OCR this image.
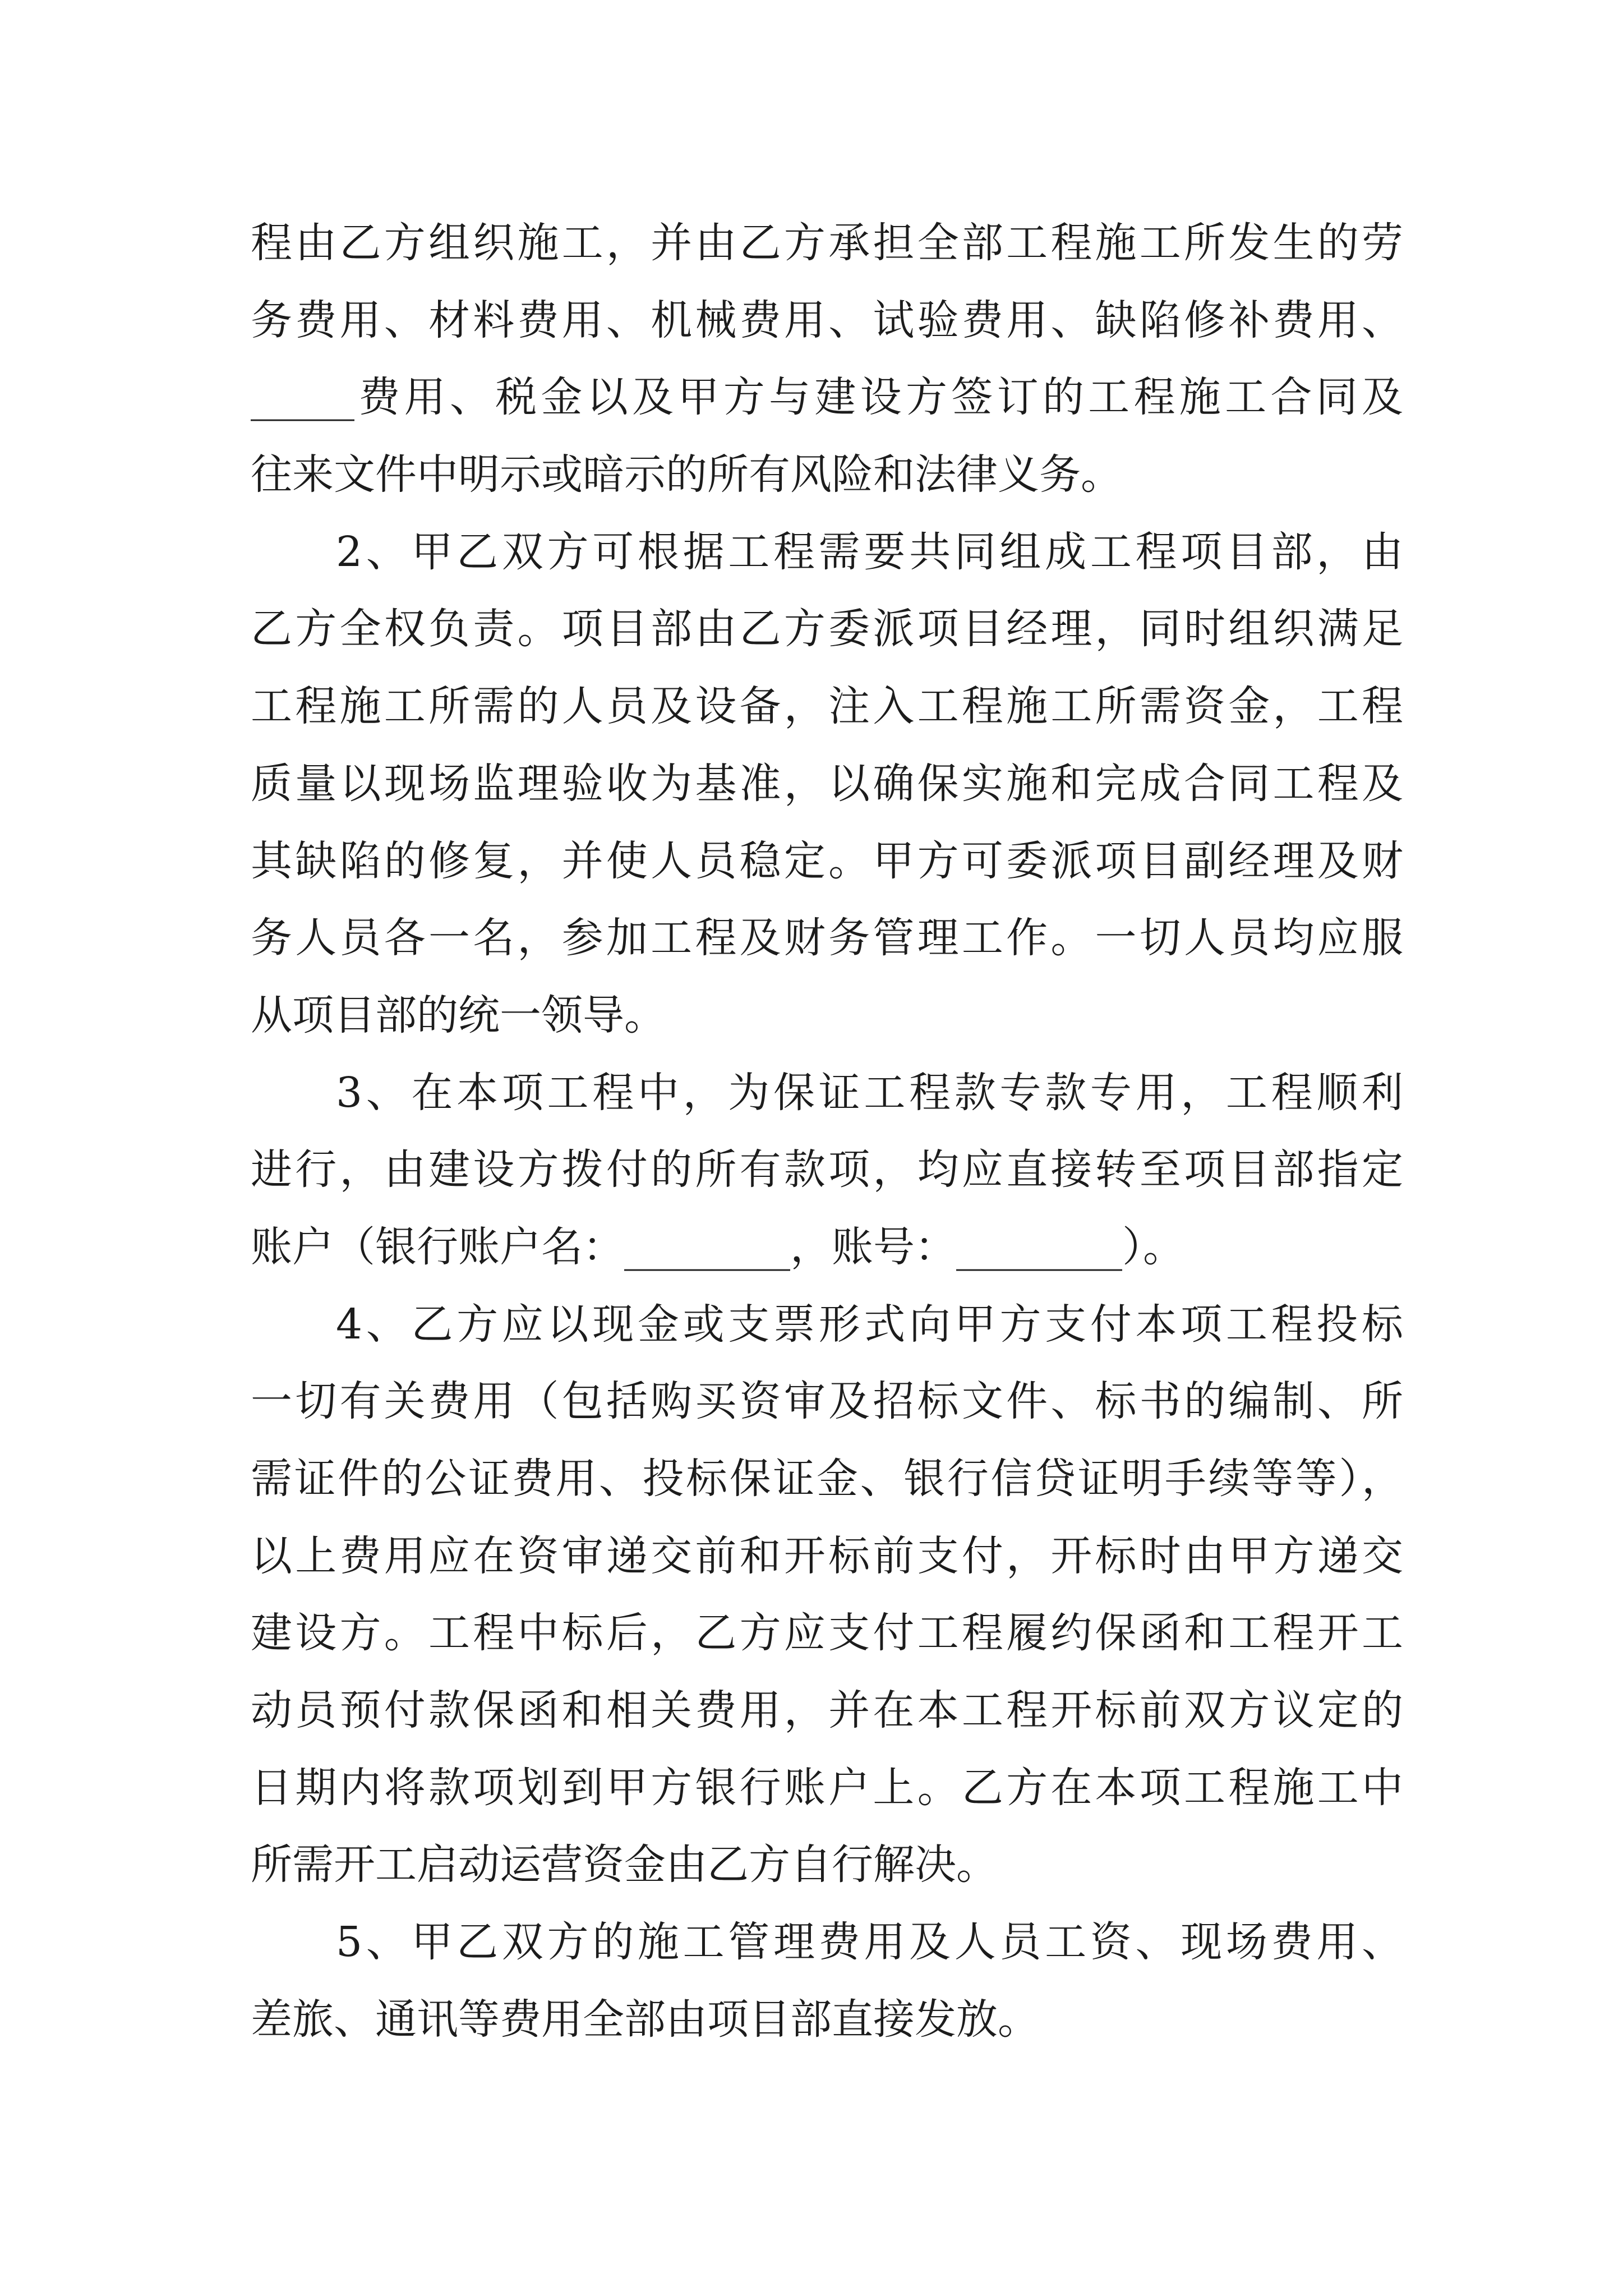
程由乙方组织施工，并由乙方承担全部工程施工所发生的劳
务费用、材料费用、机械费用、试验费用、缺陷修补费用、
_____费用、税金以及甲方与建设方签订的工程施工合同及
往来文件中明示或暗示的所有风险和法律义务。
2、甲乙双方可根据工程需要共同组成工程项目部，由
乙方全权负责。项目部由乙方委派项目经理，同时组织满足
工程施工所需的人员及设备，注入工程施工所需资金，工程
质量以现场监理验收为基准，以确保实施和完成合同工程及
其缺陷的修复，并使人员稳定。甲方可委派项目副经理及财
务人员各一名，参加工程及财务管理工作。一切人员均应服
从项目部的统一领导。
3、在本项工程中，为保证工程款专款专用，工程顺利
进行，由建设方拨付的所有款项，均应直接转至项目部指定
账户（银行账户名：________，账号：________）。
4、乙方应以现金或支票形式向甲方支付本项工程投标
一切有关费用（包括购买资审及招标文件、标书的编制、所
需证件的公证费用、投标保证金、银行信贷证明手续等等），
以上费用应在资审递交前和开标前支付，开标时由甲方递交
建设方。工程中标后，乙方应支付工程履约保函和工程开工
动员预付款保函和相关费用，并在本工程开标前双方议定的
日期内将款项划到甲方银行账户上。乙方在本项工程施工中
所需开工启动运营资金由乙方自行解决。
5、甲乙双方的施工管理费用及人员工资、现场费用、
差旅、通讯等费用全部由项目部直接发放。
